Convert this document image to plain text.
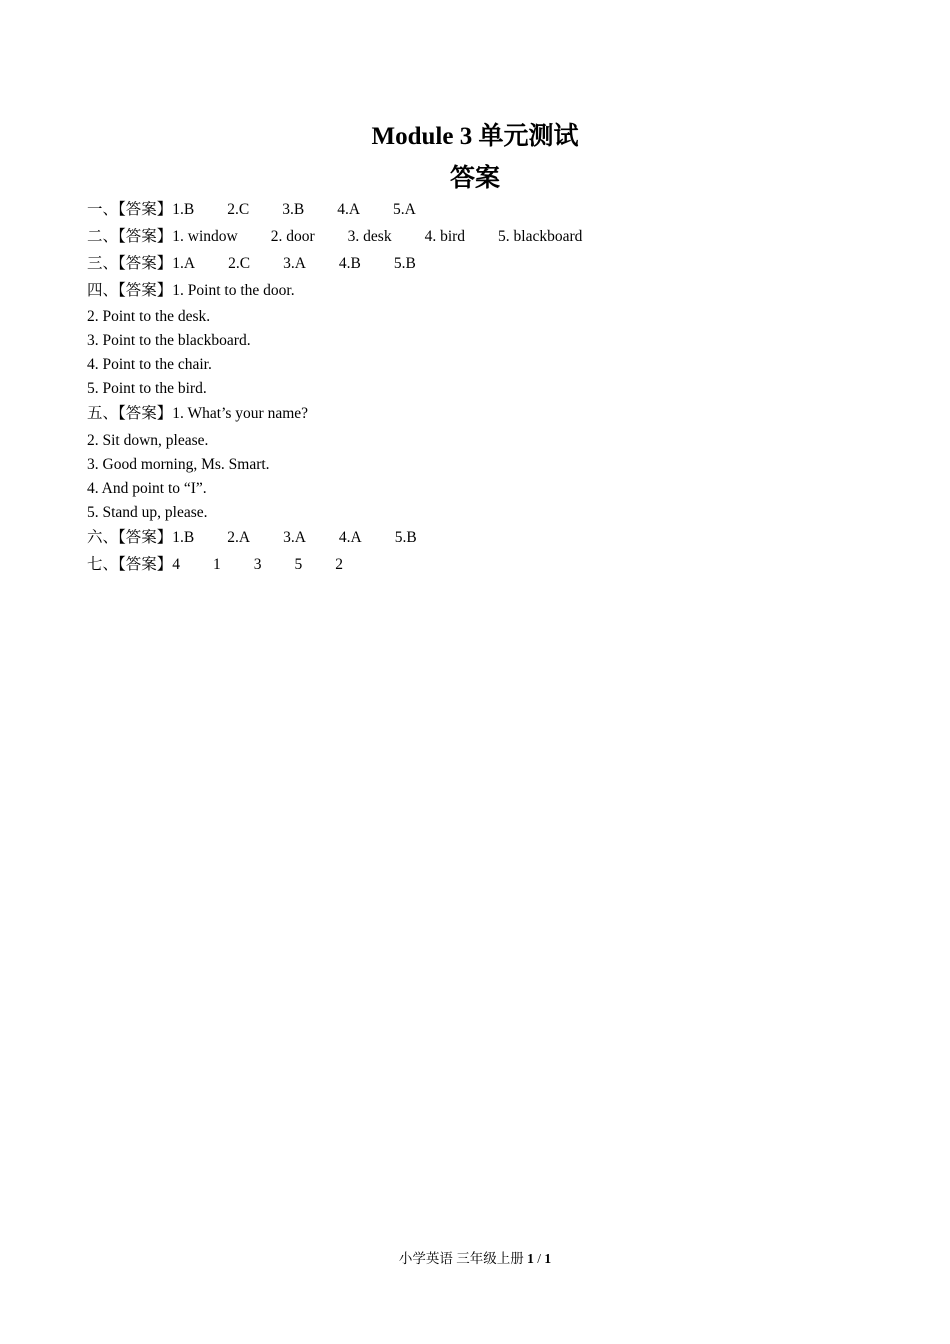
Module 3 单元测试
答案

一、【答案】1.B 2.C 3.B 4.A 5.A

二、【答案】1. window 2. door 3. desk 4. bird 5. blackboard

三、【答案】1.A 2.C 3.A 4.B 5.B

四、【答案】1. Point to the door.

2. Point to the desk.

3. Point to the blackboard.

4. Point to the chair.

5. Point to the bird.

五、【答案】1. What’s your name?

2. Sit down, please.

3. Good morning, Ms. Smart.

4. And point to “I”.

5. Stand up, please.

六、【答案】1.B 2.A 3.A 4.A 5.B

七、【答案】4 1 3 5 2

小学英语 三年级上册 1 / 1
